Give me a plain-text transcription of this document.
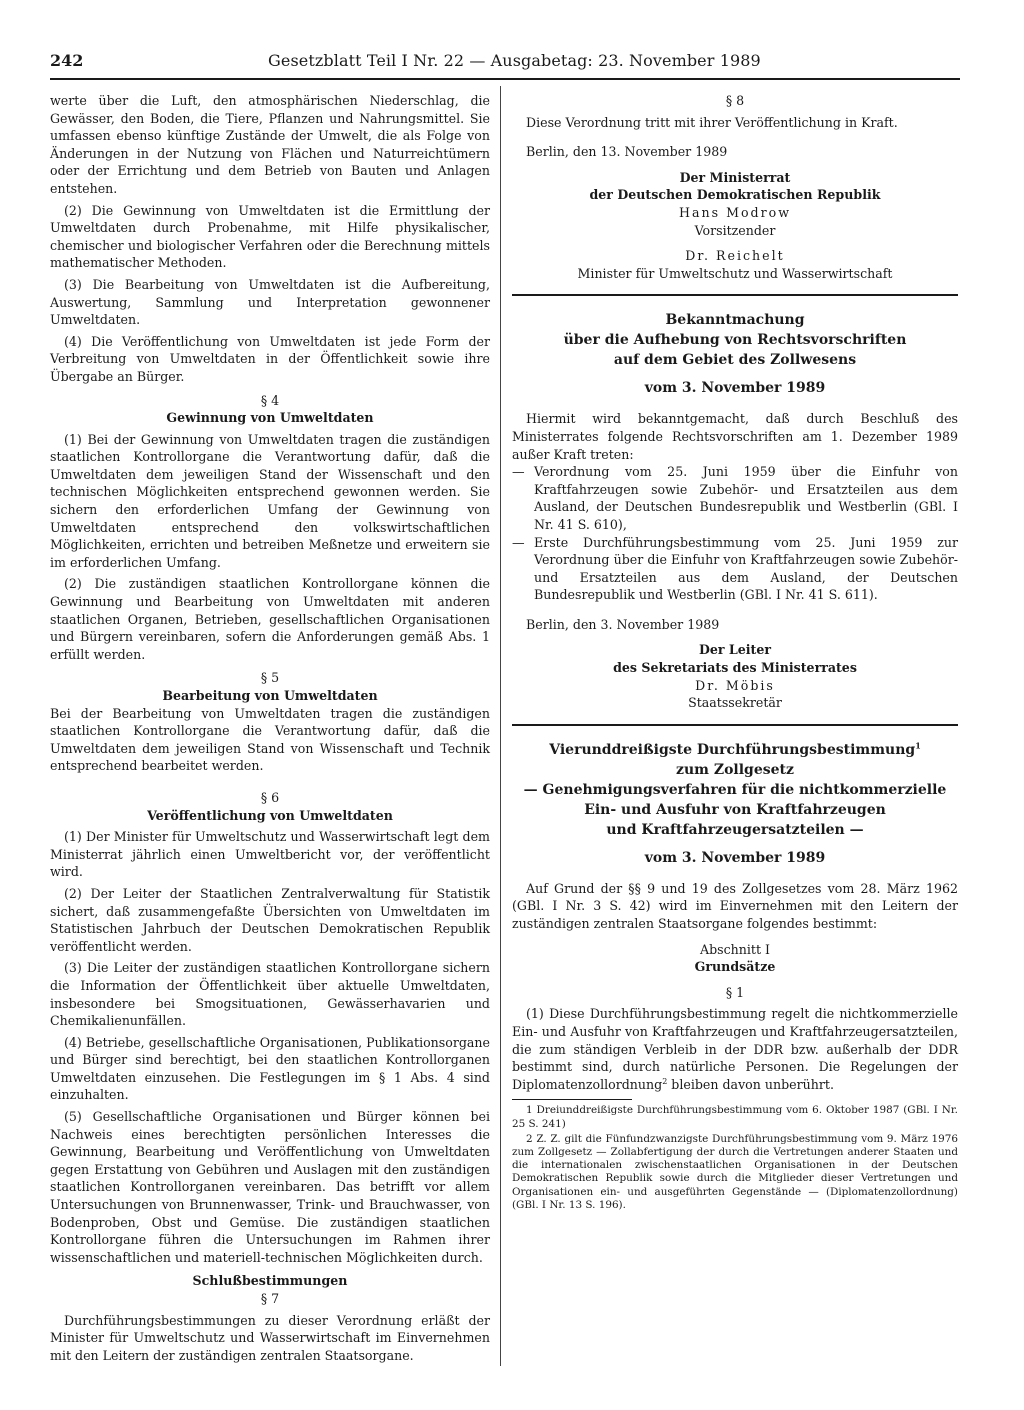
242	Gesetzblatt Teil I Nr. 22 — Ausgabetag: 23. November 1989

werte über die Luft, den atmosphärischen Niederschlag, die Gewässer, den Boden, die Tiere, Pflanzen und Nahrungsmittel. Sie umfassen ebenso künftige Zustände der Umwelt, die als Folge von Änderungen in der Nutzung von Flächen und Naturreichtümern oder der Errichtung und dem Betrieb von Bauten und Anlagen entstehen.

(2) Die Gewinnung von Umweltdaten ist die Ermittlung der Umweltdaten durch Probenahme, mit Hilfe physikalischer, chemischer und biologischer Verfahren oder die Berechnung mittels mathematischer Methoden.

(3) Die Bearbeitung von Umweltdaten ist die Aufbereitung, Auswertung, Sammlung und Interpretation gewonnener Umweltdaten.

(4) Die Veröffentlichung von Umweltdaten ist jede Form der Verbreitung von Umweltdaten in der Öffentlichkeit sowie ihre Übergabe an Bürger.

§ 4

Gewinnung von Umweltdaten

(1) Bei der Gewinnung von Umweltdaten tragen die zuständigen staatlichen Kontrollorgane die Verantwortung dafür, daß die Umweltdaten dem jeweiligen Stand der Wissenschaft und den technischen Möglichkeiten entsprechend gewonnen werden. Sie sichern den erforderlichen Umfang der Gewinnung von Umweltdaten entsprechend den volkswirtschaftlichen Möglichkeiten, errichten und betreiben Meßnetze und erweitern sie im erforderlichen Umfang.

(2) Die zuständigen staatlichen Kontrollorgane können die Gewinnung und Bearbeitung von Umweltdaten mit anderen staatlichen Organen, Betrieben, gesellschaftlichen Organisationen und Bürgern vereinbaren, sofern die Anforderungen gemäß Abs. 1 erfüllt werden.

§ 5

Bearbeitung von Umweltdaten

Bei der Bearbeitung von Umweltdaten tragen die zuständigen staatlichen Kontrollorgane die Verantwortung dafür, daß die Umweltdaten dem jeweiligen Stand von Wissenschaft und Technik entsprechend bearbeitet werden.

§ 6

Veröffentlichung von Umweltdaten

(1) Der Minister für Umweltschutz und Wasserwirtschaft legt dem Ministerrat jährlich einen Umweltbericht vor, der veröffentlicht wird.

(2) Der Leiter der Staatlichen Zentralverwaltung für Statistik sichert, daß zusammengefaßte Übersichten von Umweltdaten im Statistischen Jahrbuch der Deutschen Demokratischen Republik veröffentlicht werden.

(3) Die Leiter der zuständigen staatlichen Kontrollorgane sichern die Information der Öffentlichkeit über aktuelle Umweltdaten, insbesondere bei Smogsituationen, Gewässerhavarien und Chemikalienunfällen.

(4) Betriebe, gesellschaftliche Organisationen, Publikationsorgane und Bürger sind berechtigt, bei den staatlichen Kontrollorganen Umweltdaten einzusehen. Die Festlegungen im § 1 Abs. 4 sind einzuhalten.

(5) Gesellschaftliche Organisationen und Bürger können bei Nachweis eines berechtigten persönlichen Interesses die Gewinnung, Bearbeitung und Veröffentlichung von Umweltdaten gegen Erstattung von Gebühren und Auslagen mit den zuständigen staatlichen Kontrollorganen vereinbaren. Das betrifft vor allem Untersuchungen von Brunnenwasser, Trink- und Brauchwasser, von Bodenproben, Obst und Gemüse. Die zuständigen staatlichen Kontrollorgane führen die Untersuchungen im Rahmen ihrer wissenschaftlichen und materiell-technischen Möglichkeiten durch.

Schlußbestimmungen

§ 7

Durchführungsbestimmungen zu dieser Verordnung erläßt der Minister für Umweltschutz und Wasserwirtschaft im Einvernehmen mit den Leitern der zuständigen zentralen Staatsorgane.

§ 8

Diese Verordnung tritt mit ihrer Veröffentlichung in Kraft.

Berlin, den 13. November 1989

Der Ministerrat

der Deutschen Demokratischen Republik

Hans Modrow

Vorsitzender

Dr. Reichelt

Minister für Umweltschutz und Wasserwirtschaft

Bekanntmachung

über die Aufhebung von Rechtsvorschriften

auf dem Gebiet des Zollwesens

vom 3. November 1989

Hiermit wird bekanntgemacht, daß durch Beschluß des Ministerrates folgende Rechtsvorschriften am 1. Dezember 1989 außer Kraft treten:

— Verordnung vom 25. Juni 1959 über die Einfuhr von Kraftfahrzeugen sowie Zubehör- und Ersatzteilen aus dem Ausland, der Deutschen Bundesrepublik und Westberlin (GBl. I Nr. 41 S. 610),
— Erste Durchführungsbestimmung vom 25. Juni 1959 zur Verordnung über die Einfuhr von Kraftfahrzeugen sowie Zubehör- und Ersatzteilen aus dem Ausland, der Deutschen Bundesrepublik und Westberlin (GBl. I Nr. 41 S. 611).

Berlin, den 3. November 1989

Der Leiter

des Sekretariats des Ministerrates

Dr. Möbis

Staatssekretär

Vierunddreißigste Durchführungsbestimmung$^1$

zum Zollgesetz

— Genehmigungsverfahren für die nichtkommerzielle

Ein- und Ausfuhr von Kraftfahrzeugen

und Kraftfahrzeugersatzteilen —

vom 3. November 1989

Auf Grund der §§ 9 und 19 des Zollgesetzes vom 28. März 1962 (GBl. I Nr. 3 S. 42) wird im Einvernehmen mit den Leitern der zuständigen zentralen Staatsorgane folgendes bestimmt:

Abschnitt I

Grundsätze

§ 1

(1) Diese Durchführungsbestimmung regelt die nichtkommerzielle Ein- und Ausfuhr von Kraftfahrzeugen und Kraftfahrzeugersatzteilen, die zum ständigen Verbleib in der DDR bzw. außerhalb der DDR bestimmt sind, durch natürliche Personen. Die Regelungen der Diplomatenzollordnung$^2$ bleiben davon unberührt.

1 Dreiunddreißigste Durchführungsbestimmung vom 6. Oktober 1987 (GBl. I Nr. 25 S. 241)

2 Z. Z. gilt die Fünfundzwanzigste Durchführungsbestimmung vom 9. März 1976 zum Zollgesetz — Zollabfertigung der durch die Vertretungen anderer Staaten und die internationalen zwischenstaatlichen Organisationen in der Deutschen Demokratischen Republik sowie durch die Mitglieder dieser Vertretungen und Organisationen ein- und ausgeführten Gegenstände — (Diplomatenzollordnung) (GBl. I Nr. 13 S. 196).
